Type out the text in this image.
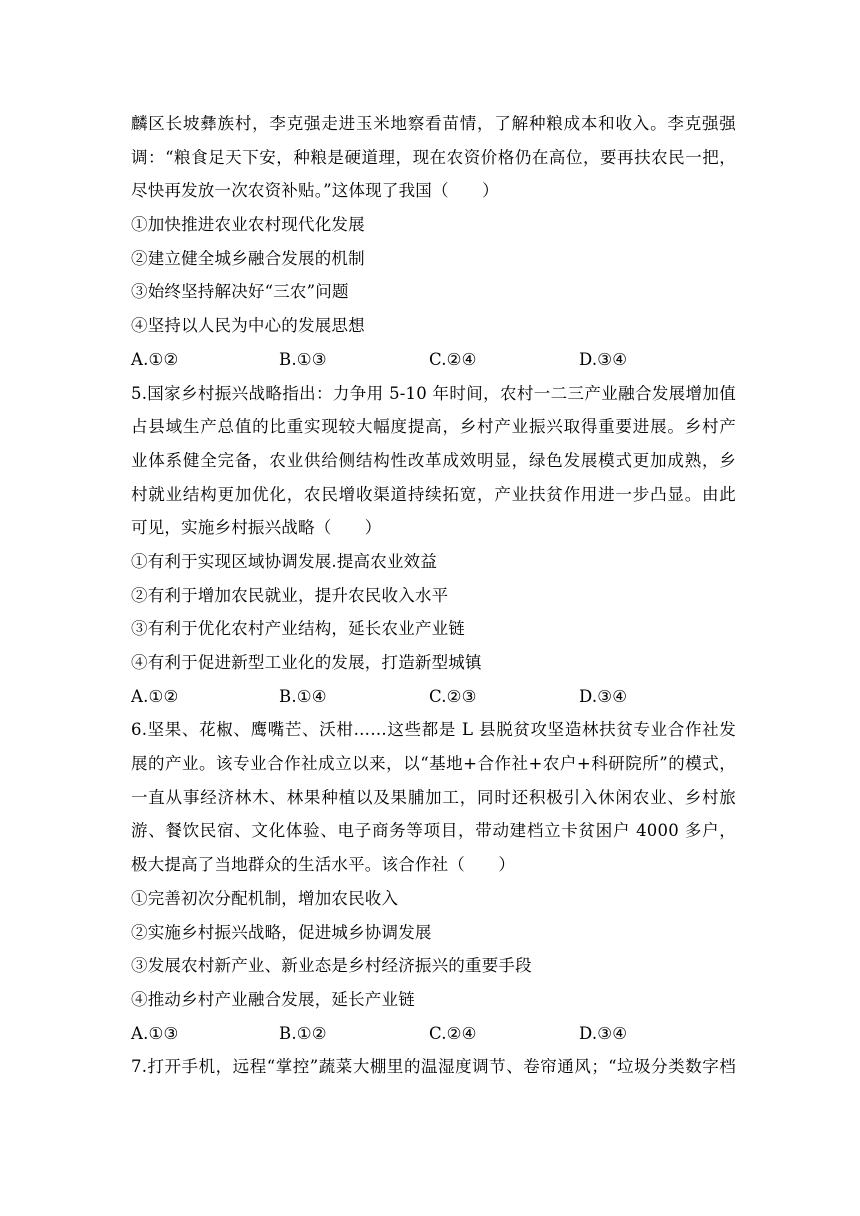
麟区长坡彝族村，李克强走进玉米地察看苗情，了解种粮成本和收入。李克强强
调：“粮食足天下安，种粮是硬道理，现在农资价格仍在高位，要再扶农民一把，
尽快再发放一次农资补贴。”这体现了我国（　　）
①加快推进农业农村现代化发展
②建立健全城乡融合发展的机制
③始终坚持解决好“三农”问题
④坚持以人民为中心的发展思想
A.①②	B.①③	C.②④	D.③④
5.国家乡村振兴战略指出：力争用 5-10 年时间，农村一二三产业融合发展增加值
占县域生产总值的比重实现较大幅度提高，乡村产业振兴取得重要进展。乡村产
业体系健全完备，农业供给侧结构性改革成效明显，绿色发展模式更加成熟，乡
村就业结构更加优化，农民增收渠道持续拓宽，产业扶贫作用进一步凸显。由此
可见，实施乡村振兴战略（　　）
①有利于实现区域协调发展.提高农业效益
②有利于增加农民就业，提升农民收入水平
③有利于优化农村产业结构，延长农业产业链
④有利于促进新型工业化的发展，打造新型城镇
A.①②	B.①④	C.②③	D.③④
6.坚果、花椒、鹰嘴芒、沃柑……这些都是 L 县脱贫攻坚造林扶贫专业合作社发
展的产业。该专业合作社成立以来，以“基地+合作社+农户+科研院所”的模式，
一直从事经济林木、林果种植以及果脯加工，同时还积极引入休闲农业、乡村旅
游、餐饮民宿、文化体验、电子商务等项目，带动建档立卡贫困户 4000 多户，
极大提高了当地群众的生活水平。该合作社（　　）
①完善初次分配机制，增加农民收入
②实施乡村振兴战略，促进城乡协调发展
③发展农村新产业、新业态是乡村经济振兴的重要手段
④推动乡村产业融合发展，延长产业链
A.①③	B.①②	C.②④	D.③④
7.打开手机，远程“掌控”蔬菜大棚里的温湿度调节、卷帘通风；“垃圾分类数字档
